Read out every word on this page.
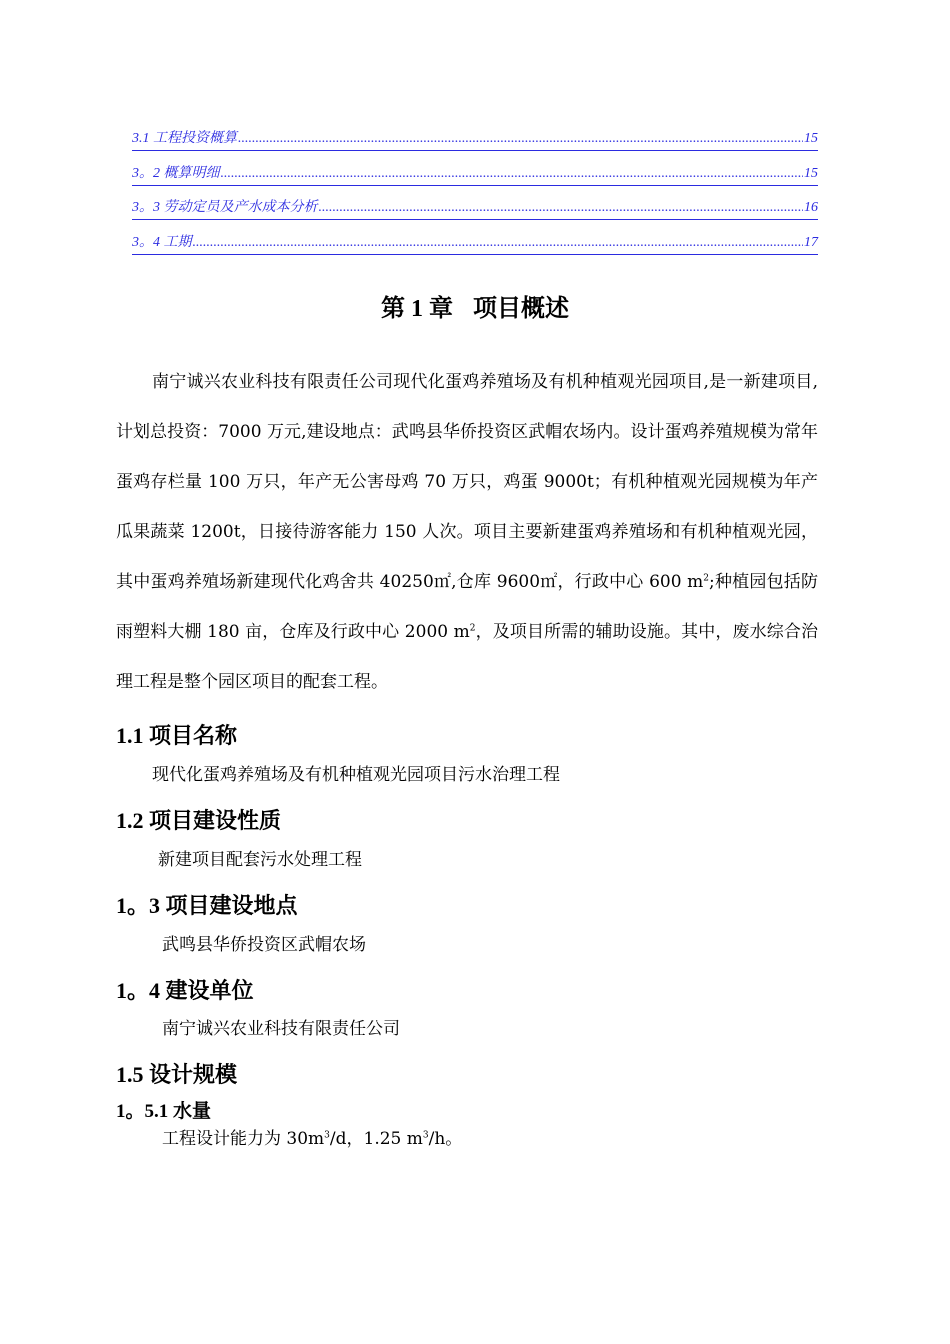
3.1 工程投资概算 .....	15
3。2 概算明细 .....	15
3。3 劳动定员及产水成本分析 .....	16
3。4 工期 .....	17
第 1 章 项目概述

南宁诚兴农业科技有限责任公司现代化蛋鸡养殖场及有机种植观光园项目,是一新建项目,计划总投资：7000 万元,建设地点：武鸣县华侨投资区武帽农场内。设计蛋鸡养殖规模为常年蛋鸡存栏量 100 万只，年产无公害母鸡 70 万只，鸡蛋 9000t；有机种植观光园规模为年产瓜果蔬菜 1200t，日接待游客能力 150 人次。项目主要新建蛋鸡养殖场和有机种植观光园，其中蛋鸡养殖场新建现代化鸡舍共 40250㎡,仓库 9600㎡，行政中心 600 $m^2$;种植园包括防雨塑料大棚 180 亩，仓库及行政中心 2000 $m^2$，及项目所需的辅助设施。其中，废水综合治理工程是整个园区项目的配套工程。

1.1 项目名称
现代化蛋鸡养殖场及有机种植观光园项目污水治理工程
1.2 项目建设性质
新建项目配套污水处理工程
1。3 项目建设地点
武鸣县华侨投资区武帽农场
1。4 建设单位
南宁诚兴农业科技有限责任公司
1.5 设计规模
1。5.1 水量
工程设计能力为 $30m^3/d$，1.25 $m^3/h$。
